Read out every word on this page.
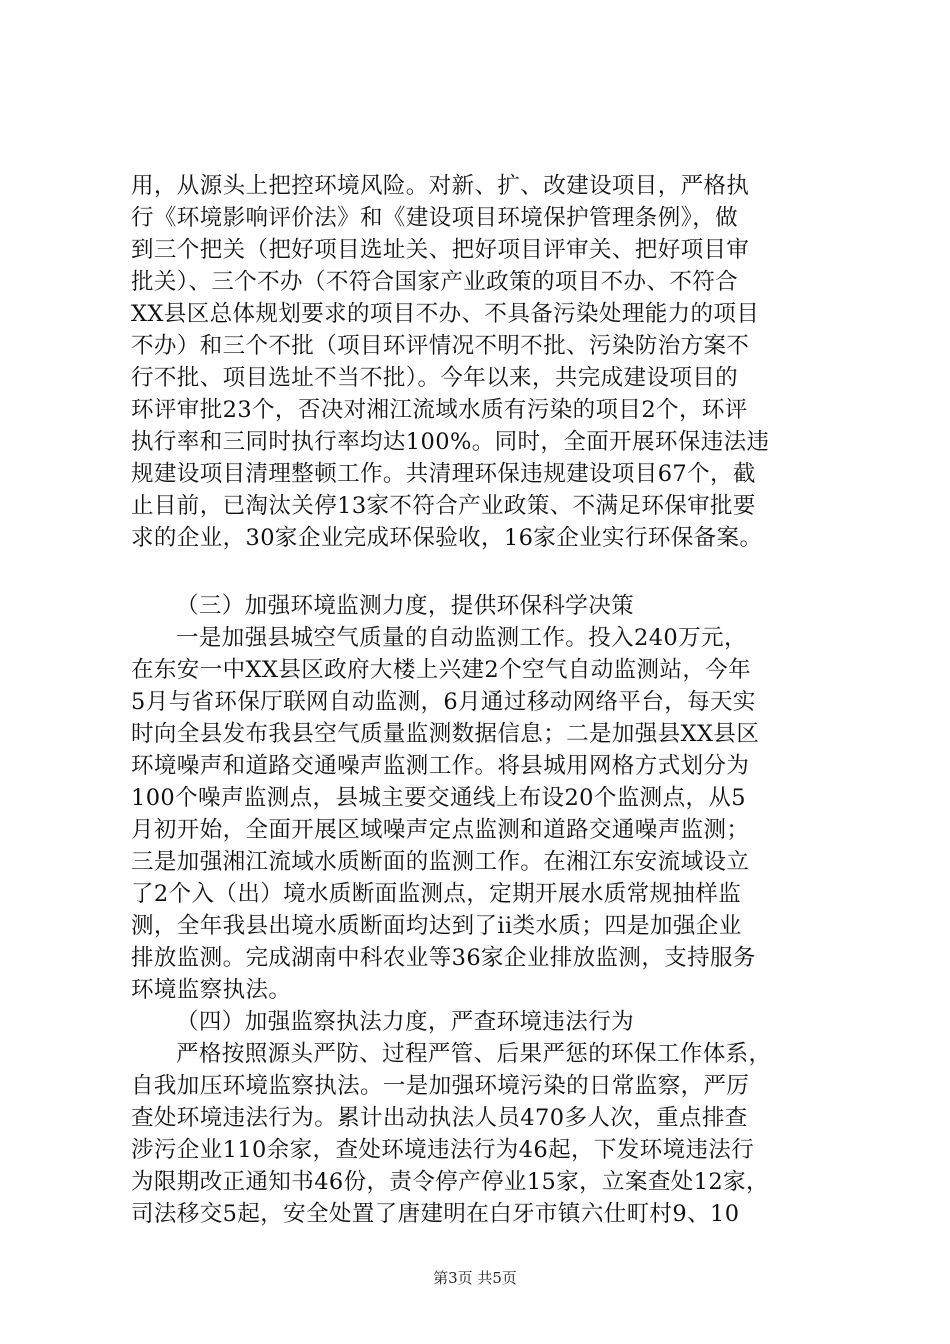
用，从源头上把控环境风险。对新、扩、改建设项目，严格执
行《环境影响评价法》和《建设项目环境保护管理条例》，做
到三个把关（把好项目选址关、把好项目评审关、把好项目审
批关）、三个不办（不符合国家产业政策的项目不办、不符合
XX县区总体规划要求的项目不办、不具备污染处理能力的项目
不办）和三个不批（项目环评情况不明不批、污染防治方案不
行不批、项目选址不当不批）。今年以来，共完成建设项目的
环评审批23个，否决对湘江流域水质有污染的项目2个，环评
执行率和三同时执行率均达100%。同时，全面开展环保违法违
规建设项目清理整顿工作。共清理环保违规建设项目67个，截
止目前，已淘汰关停13家不符合产业政策、不满足环保审批要
求的企业，30家企业完成环保验收，16家企业实行环保备案。
（三）加强环境监测力度，提供环保科学决策
一是加强县城空气质量的自动监测工作。投入240万元，
在东安一中XX县区政府大楼上兴建2个空气自动监测站，今年
5月与省环保厅联网自动监测，6月通过移动网络平台，每天实
时向全县发布我县空气质量监测数据信息；二是加强县XX县区
环境噪声和道路交通噪声监测工作。将县城用网格方式划分为
100个噪声监测点，县城主要交通线上布设20个监测点，从5
月初开始，全面开展区域噪声定点监测和道路交通噪声监测；
三是加强湘江流域水质断面的监测工作。在湘江东安流域设立
了2个入（出）境水质断面监测点，定期开展水质常规抽样监
测，全年我县出境水质断面均达到了ii类水质；四是加强企业
排放监测。完成湖南中科农业等36家企业排放监测，支持服务
环境监察执法。
（四）加强监察执法力度，严查环境违法行为
严格按照源头严防、过程严管、后果严惩的环保工作体系，
自我加压环境监察执法。一是加强环境污染的日常监察，严厉
查处环境违法行为。累计出动执法人员470多人次，重点排查
涉污企业110余家，查处环境违法行为46起，下发环境违法行
为限期改正通知书46份，责令停产停业15家，立案查处12家，
司法移交5起，安全处置了唐建明在白牙市镇六仕町村9、10
第3页 共5页
